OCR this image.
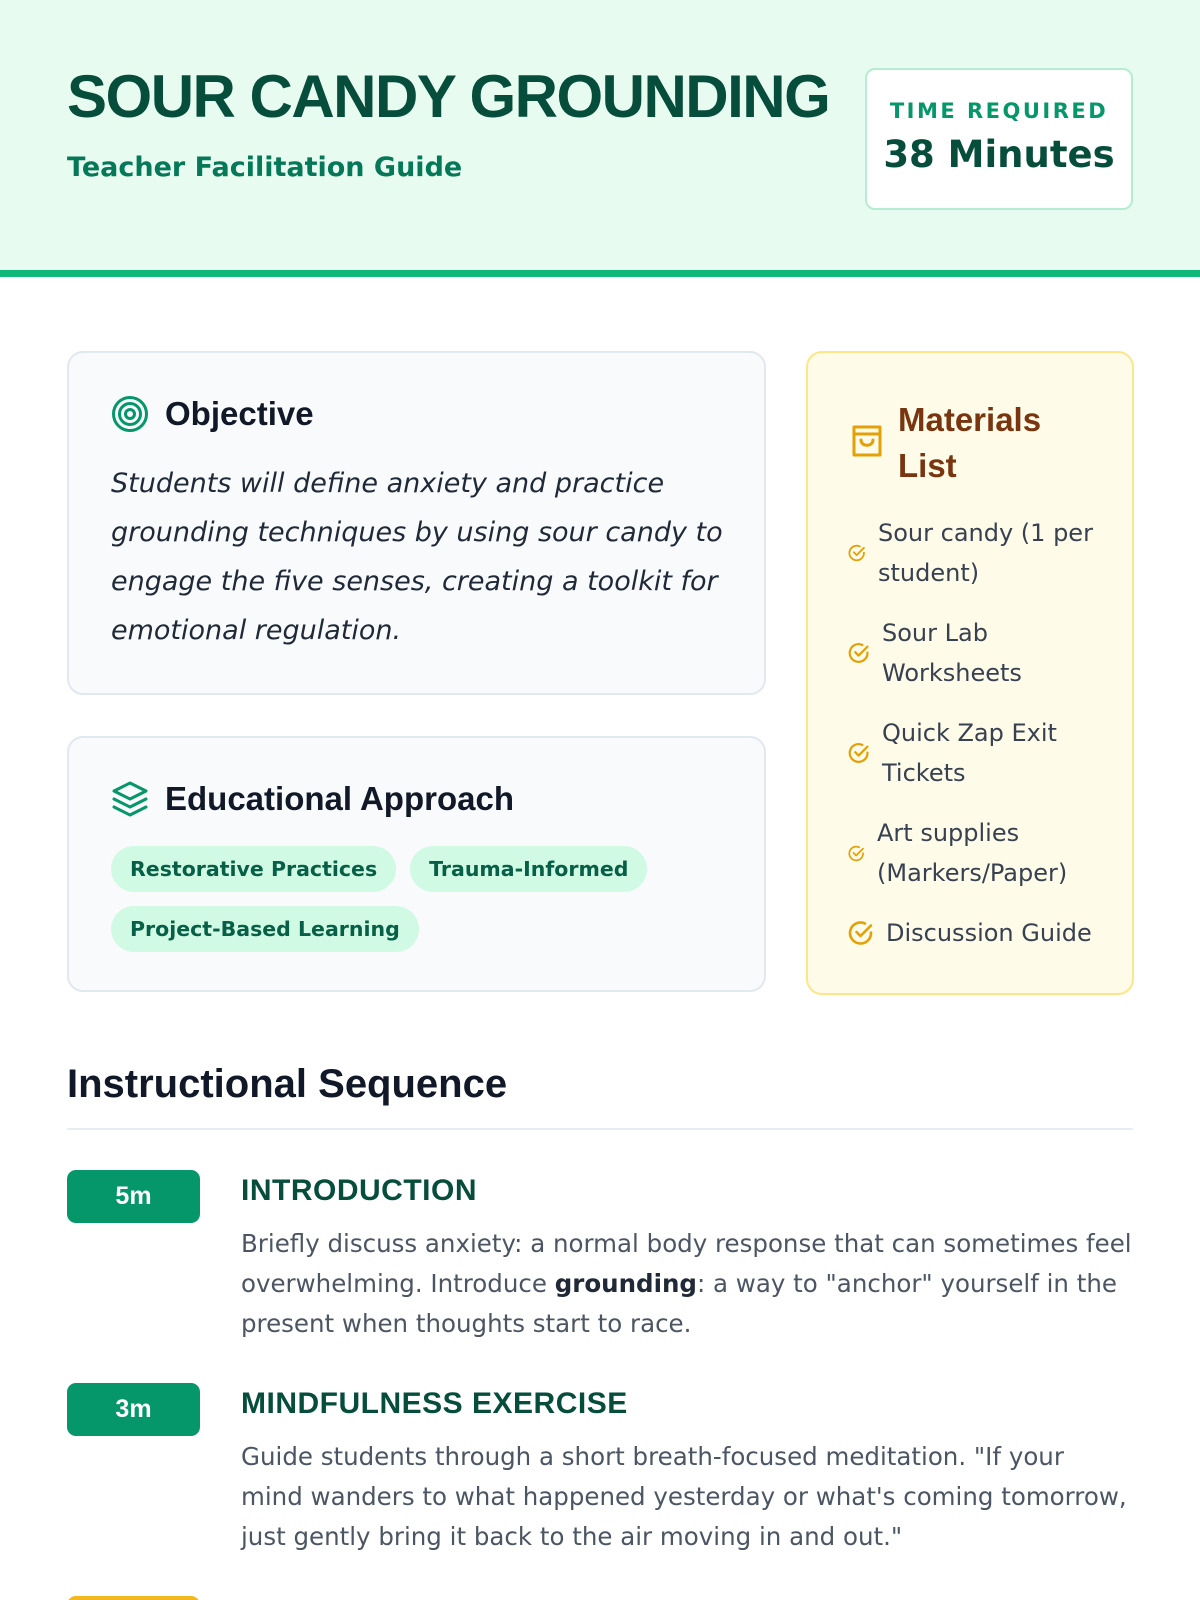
SOUR CANDY GROUNDING
Teacher Facilitation Guide
TIME REQUIRED
38 Minutes
Objective

Students will define anxiety and practice grounding techniques by using sour candy to engage the five senses, creating a toolkit for emotional regulation.

Educational Approach
Restorative Practices	Trauma-Informed
Project-Based Learning
Materials List
Sour candy (1 per student)
Sour Lab Worksheets
Quick Zap Exit Tickets
Art supplies (Markers/Paper)
Discussion Guide
Instructional Sequence
5m	INTRODUCTION

Briefly discuss anxiety: a normal body response that can sometimes feel overwhelming. Introduce grounding: a way to "anchor" yourself in the present when thoughts start to race.

3m	MINDFULNESS EXERCISE

Guide students through a short breath-focused meditation. "If your mind wanders to what happened yesterday or what's coming tomorrow, just gently bring it back to the air moving in and out."
